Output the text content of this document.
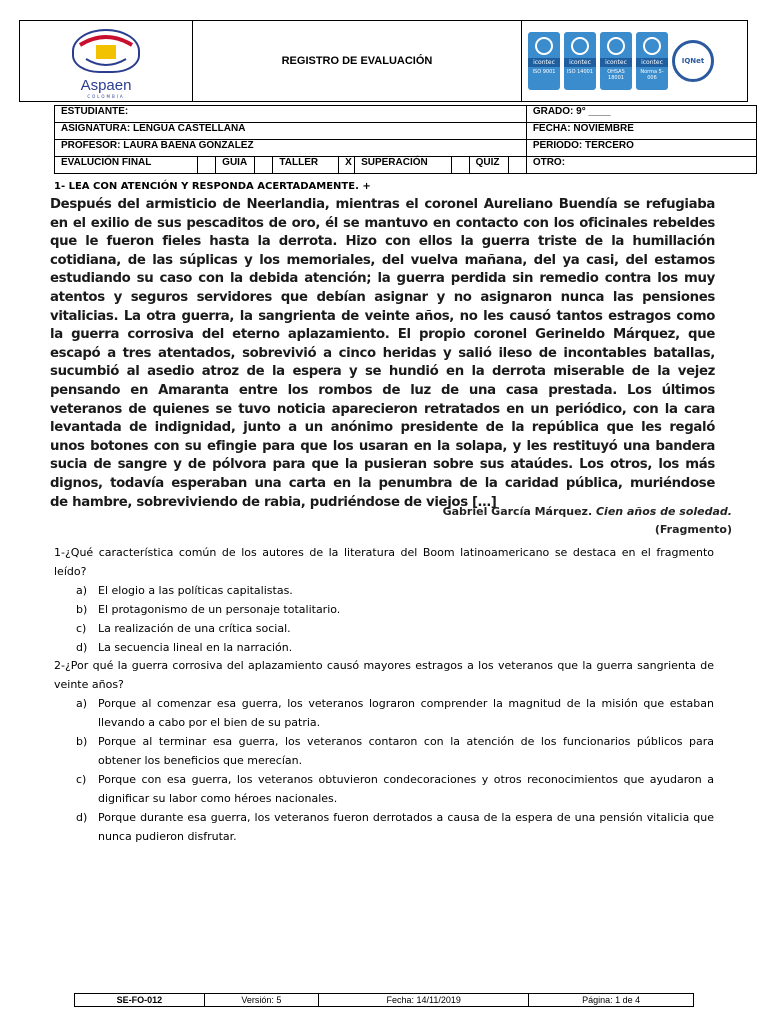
Aspaen
COLOMBIA
	REGISTRO DE EVALUACIÓN	icontec
ISO 9001
icontec
ISO 14001
icontec
OHSAS 18001
icontec
Norma 5-006
IQNet
ESTUDIANTE:										GRADO: 9° ____
ASIGNATURA: LENGUA CASTELLANA										FECHA: NOVIEMBRE
PROFESOR: LAURA BAENA GONZALEZ										PERIODO: TERCERO
EVALUCIÓN FINAL		GUIA		TALLER	X	SUPERACIÓN		QUIZ		OTRO:
1- LEA CON ATENCIÓN Y RESPONDA ACERTADAMENTE. +
Después del armisticio de Neerlandia, mientras el coronel Aureliano Buendía se refugiaba
en el exilio de sus pescaditos de oro, él se mantuvo en contacto con los oficinales rebeldes
que le fueron fieles hasta la derrota. Hizo con ellos la guerra triste de la humillación
cotidiana, de las súplicas y los memoriales, del vuelva mañana, del ya casi, del estamos
estudiando su caso con la debida atención; la guerra perdida sin remedio contra los muy
atentos y seguros servidores que debían asignar y no asignaron nunca las pensiones
vitalicias. La otra guerra, la sangrienta de veinte años, no les causó tantos estragos como
la guerra corrosiva del eterno aplazamiento. El propio coronel Gerineldo Márquez, que
escapó a tres atentados, sobrevivió a cinco heridas y salió ileso de incontables batallas,
sucumbió al asedio atroz de la espera y se hundió en la derrota miserable de la vejez
pensando en Amaranta entre los rombos de luz de una casa prestada. Los últimos
veteranos de quienes se tuvo noticia aparecieron retratados en un periódico, con la cara
levantada de indignidad, junto a un anónimo presidente de la república que les regaló
unos botones con su efingie para que los usaran en la solapa, y les restituyó una bandera
sucia de sangre y de pólvora para que la pusieran sobre sus ataúdes. Los otros, los más
dignos, todavía esperaban una carta en la penumbra de la caridad pública, muriéndose
de hambre, sobreviviendo de rabia, pudriéndose de viejos […]
Gabriel García Márquez. Cien años de soledad.
(Fragmento)

1-¿Qué característica común de los autores de la literatura del Boom latinoamericano se destaca en el fragmento leído?

a) El elogio a las políticas capitalistas.
b) El protagonismo de un personaje totalitario.
c) La realización de una crítica social.
d) La secuencia lineal en la narración.

2-¿Por qué la guerra corrosiva del aplazamiento causó mayores estragos a los veteranos que la guerra sangrienta de veinte años?

a) Porque al comenzar esa guerra, los veteranos lograron comprender la magnitud de la misión que estaban llevando a cabo por el bien de su patria.
b) Porque al terminar esa guerra, los veteranos contaron con la atención de los funcionarios públicos para obtener los beneficios que merecían.
c) Porque con esa guerra, los veteranos obtuvieron condecoraciones y otros reconocimientos que ayudaron a dignificar su labor como héroes nacionales.
d) Porque durante esa guerra, los veteranos fueron derrotados a causa de la espera de una pensión vitalicia que nunca pudieron disfrutar.
SE-FO-012	Versión: 5	Fecha: 14/11/2019	Página: 1 de 4
